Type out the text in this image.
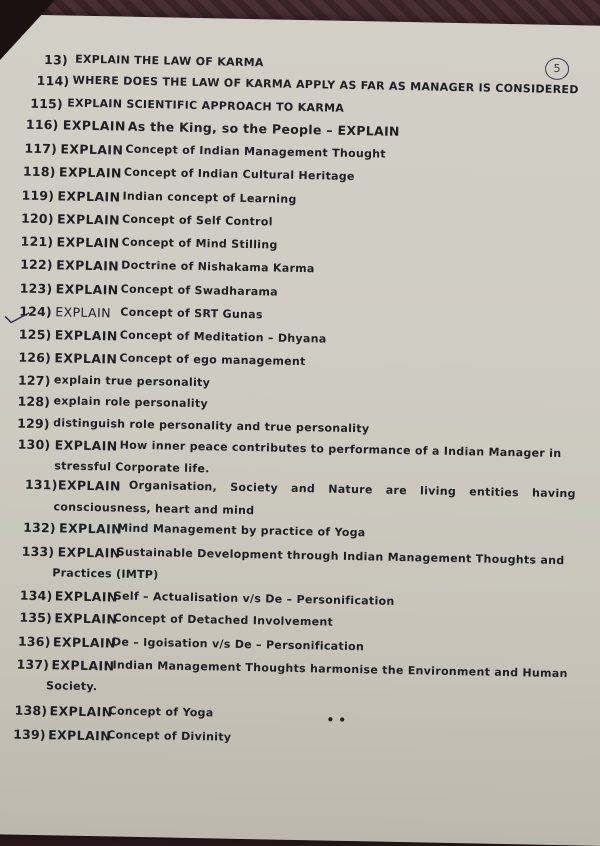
5
13) EXPLAIN THE LAW OF KARMA
114) WHERE DOES THE LAW OF KARMA APPLY AS FAR AS MANAGER IS CONSIDERED
115) EXPLAIN SCIENTIFIC APPROACH TO KARMA
116) EXPLAIN As the King, so the People – EXPLAIN
117) EXPLAIN Concept of Indian Management Thought
118) EXPLAIN Concept of Indian Cultural Heritage
119) EXPLAIN Indian concept of Learning
120) EXPLAIN Concept of Self Control
121) EXPLAIN Concept of Mind Stilling
122) EXPLAIN Doctrine of Nishakama Karma
123) EXPLAIN Concept of Swadharama
124) EXPLAIN Concept of SRT Gunas
125) EXPLAIN Concept of Meditation – Dhyana
126) EXPLAIN Concept of ego management
127) explain true personality
128) explain role personality
129) distinguish role personality and true personality
130) EXPLAIN How inner peace contributes to performance of a Indian Manager in
stressful Corporate life.
131) EXPLAIN Organisation, Society and Nature are living entities having
consciousness, heart and mind
132) EXPLAIN
Mind Management by practice of Yoga
133) EXPLAIN
Sustainable Development through Indian Management Thoughts and
Practices (IMTP)
134) EXPLAIN
Self – Actualisation v/s De – Personification
135) EXPLAIN
Concept of Detached Involvement
136) EXPLAIN
De – Igoisation v/s De – Personification
137) EXPLAIN
Indian Management Thoughts harmonise the Environment and Human
Society.
138) EXPLAIN
Concept of Yoga
139) EXPLAIN
Concept of Divinity
• •
